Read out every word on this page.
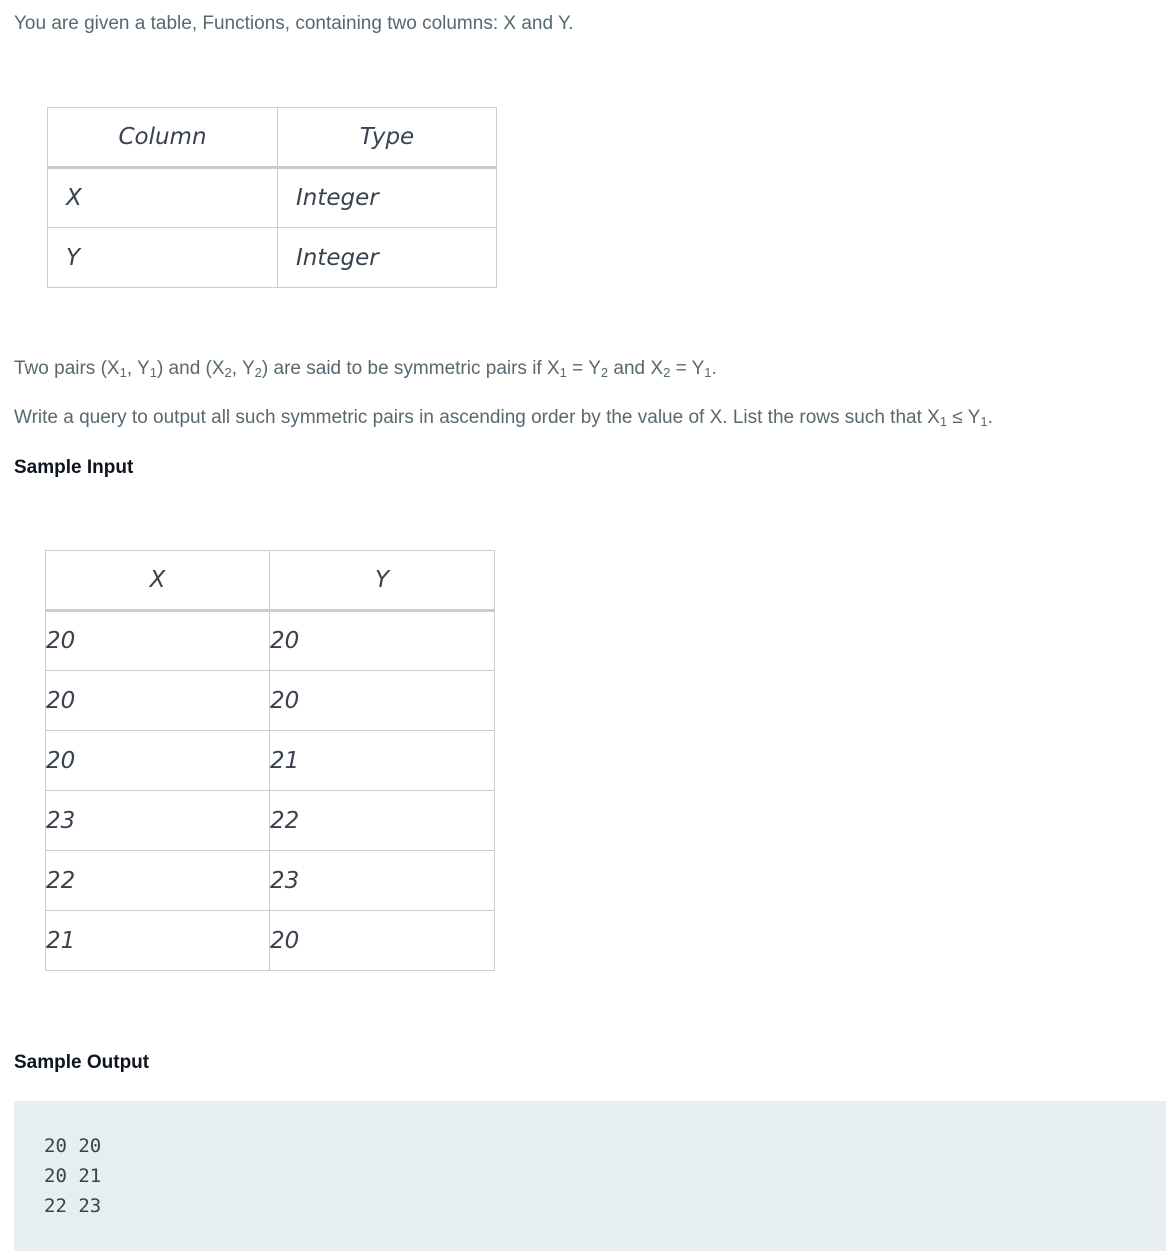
You are given a table, Functions, containing two columns: X and Y.

Column	Type
X	Integer
Y	Integer

Two pairs ($X_1$, $Y_1$) and ($X_2$, $Y_2$) are said to be symmetric pairs if $X_1 = Y_2$ and $X_2 = Y_1$.

Write a query to output all such symmetric pairs in ascending order by the value of X. List the rows such that $X_1 \le Y_1$.

Sample Input
X	Y
20	20
20	20
20	21
23	22
22	23
21	20
Sample Output
20 20
20 21
22 23
